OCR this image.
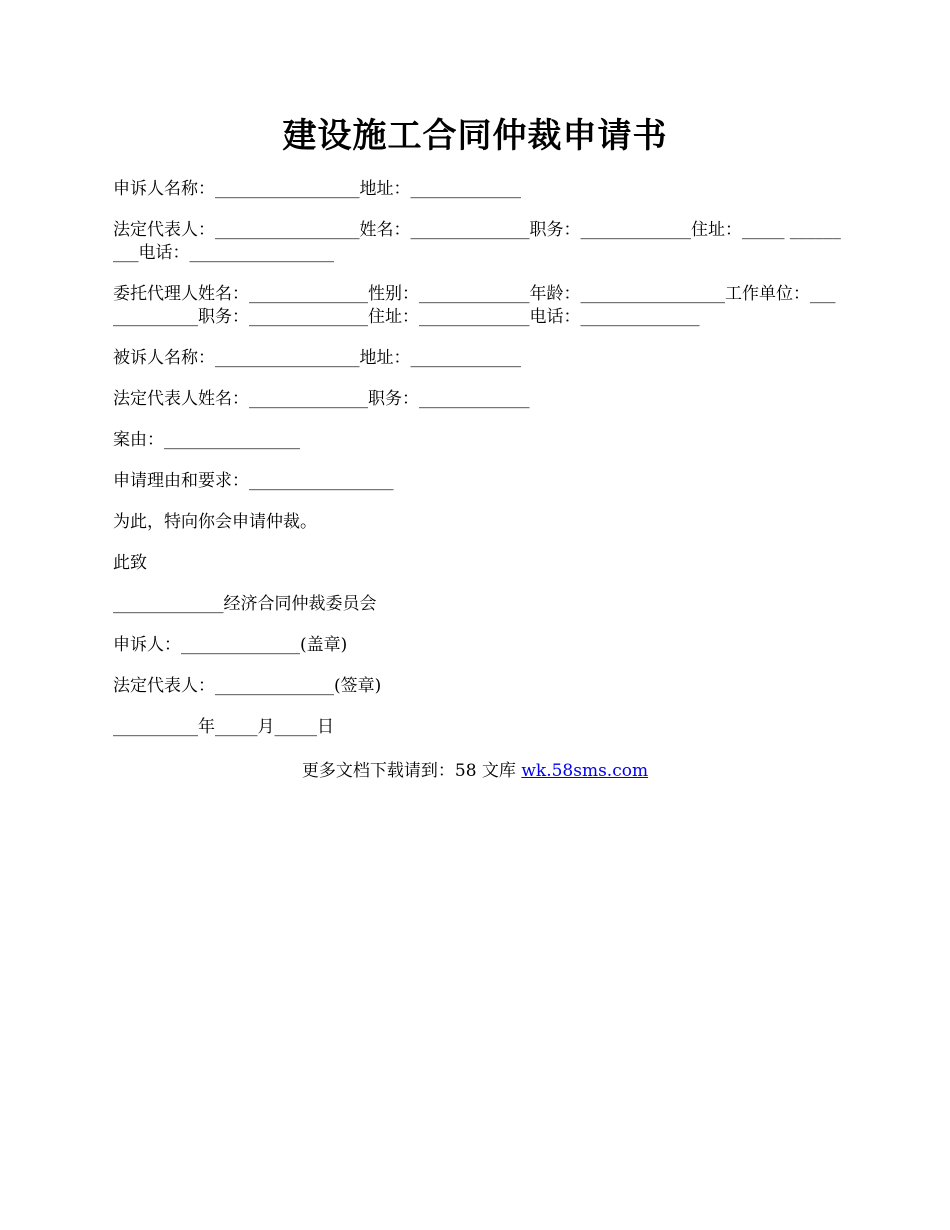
建设施工合同仲裁申请书

申诉人名称：_________________地址：_____________

法定代表人：_________________姓名：______________职务：_____________住址：_____ _________电话：_________________

委托代理人姓名：______________性别：_____________年龄：_________________工作单位：_____________职务：______________住址：_____________电话：______________

被诉人名称：_________________地址：_____________

法定代表人姓名：______________职务：_____________

案由：________________

申请理由和要求：_________________

为此，特向你会申请仲裁。

此致

_____________经济合同仲裁委员会

申诉人：______________(盖章)

法定代表人：______________(签章)

__________年_____月_____日

更多文档下载请到：58 文库 wk.58sms.com
